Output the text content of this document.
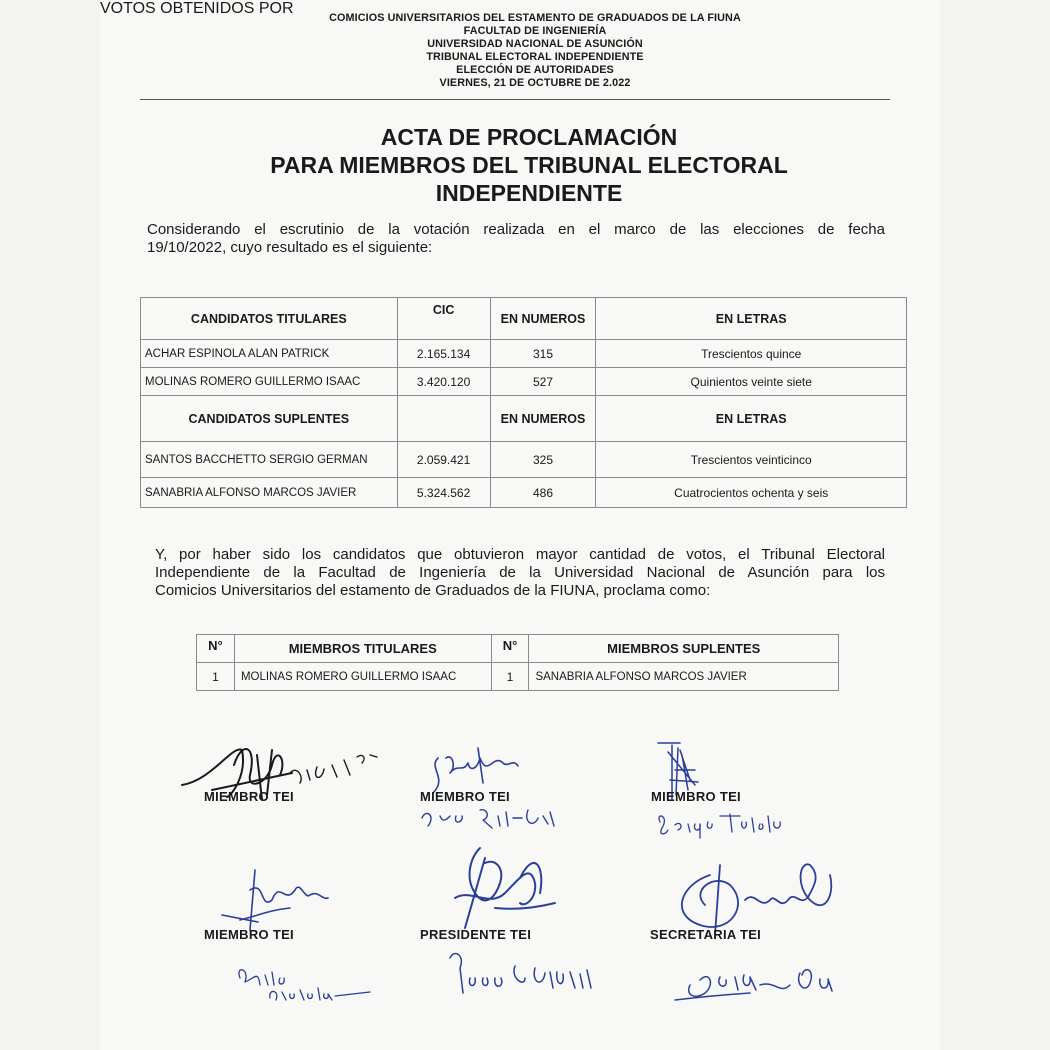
COMICIOS UNIVERSITARIOS DEL ESTAMENTO DE GRADUADOS DE LA FIUNA
FACULTAD DE INGENIERÍA
UNIVERSIDAD NACIONAL DE ASUNCIÓN
TRIBUNAL ELECTORAL INDEPENDIENTE
ELECCIÓN DE AUTORIDADES
VIERNES, 21 DE OCTUBRE DE 2.022
ACTA DE PROCLAMACIÓN
PARA MIEMBROS DEL TRIBUNAL ELECTORAL
INDEPENDIENTE
Considerando el escrutinio de la votación realizada en el marco de las elecciones de fecha
19/10/2022, cuyo resultado es el siguiente:
VOTOS OBTENIDOS POR
CANDIDATOS TITULARES	CIC	EN NUMEROS	EN LETRAS
ACHAR ESPINOLA ALAN PATRICK	2.165.134	315	Trescientos quince
MOLINAS ROMERO GUILLERMO ISAAC	3.420.120	527	Quinientos veinte siete
CANDIDATOS SUPLENTES		EN NUMEROS	EN LETRAS
SANTOS BACCHETTO SERGIO GERMAN	2.059.421	325	Trescientos veinticinco
SANABRIA ALFONSO MARCOS JAVIER	5.324.562	486	Cuatrocientos ochenta y seis
Y, por haber sido los candidatos que obtuvieron mayor cantidad de votos, el Tribunal Electoral
Independiente de la Facultad de Ingeniería de la Universidad Nacional de Asunción para los
Comicios Universitarios del estamento de Graduados de la FIUNA, proclama como:
N°	MIEMBROS TITULARES	N°	MIEMBROS SUPLENTES
1	MOLINAS ROMERO GUILLERMO ISAAC	1	SANABRIA ALFONSO MARCOS JAVIER
MIEMBRO TEI	MIEMBRO TEI	MIEMBRO TEI
MIEMBRO TEI	PRESIDENTE TEI	SECRETARIA TEI
